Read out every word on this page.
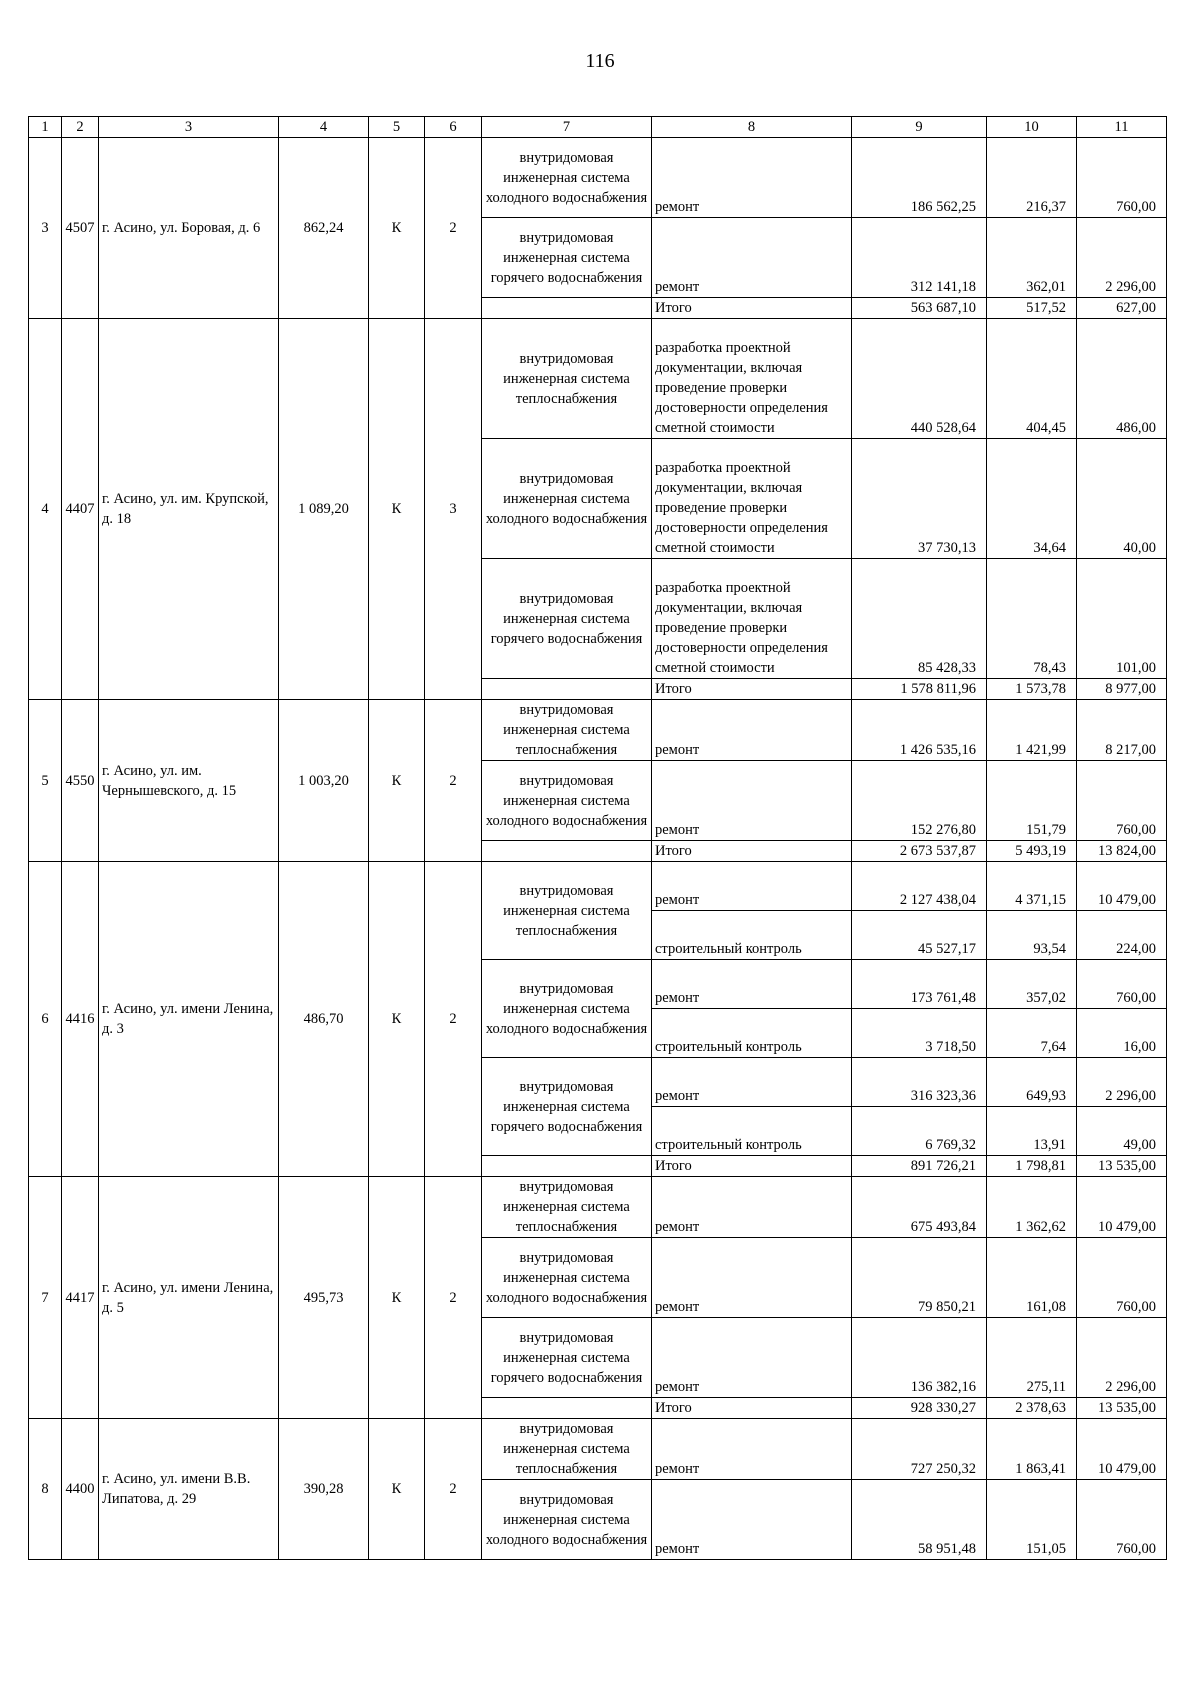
116
1	2	3	4	5	6	7	8	9	10	11
3	4507	г. Асино, ул. Боровая, д. 6	862,24	К	2	внутридомовая инженерная система холодного водоснабжения	ремонт	186 562,25	216,37	760,00
						внутридомовая инженерная система горячего водоснабжения	ремонт	312 141,18	362,01	2 296,00
							Итого	563 687,10	517,52	627,00
4	4407	г. Асино, ул. им. Крупской, д. 18	1 089,20	К	3	внутридомовая инженерная система теплоснабжения	разработка проектной документации, включая проведение проверки достоверности определения сметной стоимости	440 528,64	404,45	486,00
						внутридомовая инженерная система холодного водоснабжения	разработка проектной документации, включая проведение проверки достоверности определения сметной стоимости	37 730,13	34,64	40,00
						внутридомовая инженерная система горячего водоснабжения	разработка проектной документации, включая проведение проверки достоверности определения сметной стоимости	85 428,33	78,43	101,00
							Итого	1 578 811,96	1 573,78	8 977,00
5	4550	г. Асино, ул. им. Чернышевского, д. 15	1 003,20	К	2	внутридомовая инженерная система теплоснабжения	ремонт	1 426 535,16	1 421,99	8 217,00
						внутридомовая инженерная система холодного водоснабжения	ремонт	152 276,80	151,79	760,00
							Итого	2 673 537,87	5 493,19	13 824,00
6	4416	г. Асино, ул. имени Ленина, д. 3	486,70	К	2	внутридомовая инженерная система теплоснабжения	ремонт	2 127 438,04	4 371,15	10 479,00
							строительный контроль	45 527,17	93,54	224,00
						внутридомовая инженерная система холодного водоснабжения	ремонт	173 761,48	357,02	760,00
							строительный контроль	3 718,50	7,64	16,00
						внутридомовая инженерная система горячего водоснабжения	ремонт	316 323,36	649,93	2 296,00
							строительный контроль	6 769,32	13,91	49,00
							Итого	891 726,21	1 798,81	13 535,00
7	4417	г. Асино, ул. имени Ленина, д. 5	495,73	К	2	внутридомовая инженерная система теплоснабжения	ремонт	675 493,84	1 362,62	10 479,00
						внутридомовая инженерная система холодного водоснабжения	ремонт	79 850,21	161,08	760,00
						внутридомовая инженерная система горячего водоснабжения	ремонт	136 382,16	275,11	2 296,00
							Итого	928 330,27	2 378,63	13 535,00
8	4400	г. Асино, ул. имени В.В. Липатова, д. 29	390,28	К	2	внутридомовая инженерная система теплоснабжения	ремонт	727 250,32	1 863,41	10 479,00
						внутридомовая инженерная система холодного водоснабжения	ремонт	58 951,48	151,05	760,00
